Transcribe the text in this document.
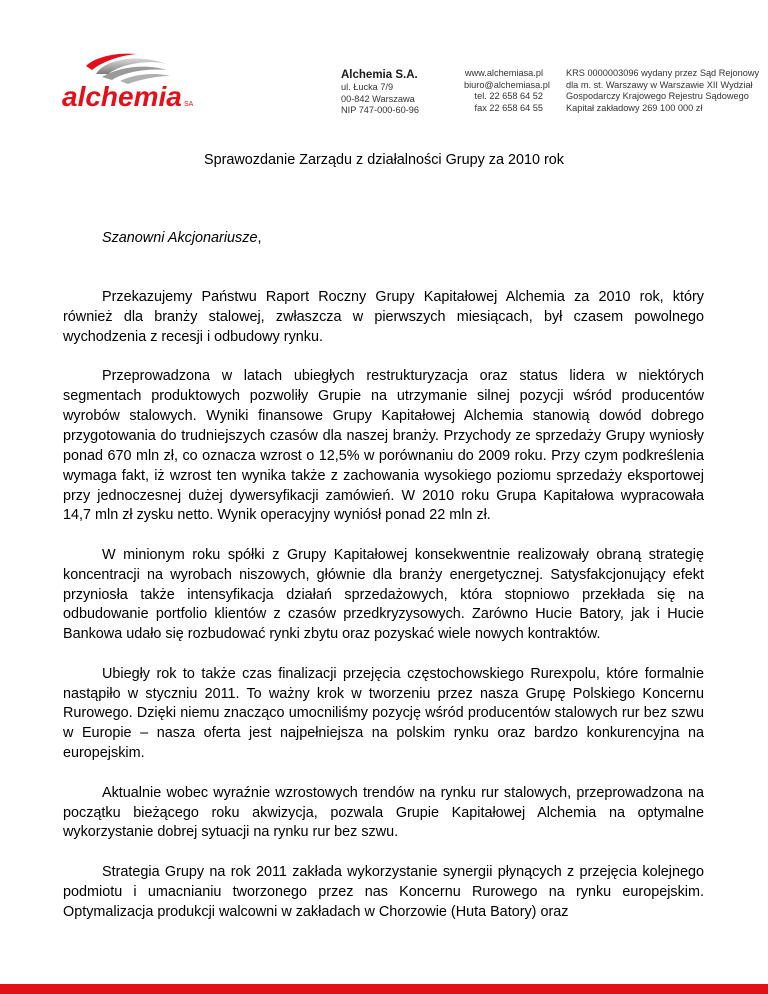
alchemia SA
Alchemia S.A.
ul. Łucka 7/9
00-842 Warszawa
NIP 747-000-60-96
www.alchemiasa.pl
biuro@alchemiasa.pl
tel. 22 658 64 52
fax 22 658 64 55
KRS 0000003096 wydany przez Sąd Rejonowy
dla m. st. Warszawy w Warszawie XII Wydział
Gospodarczy Krajowego Rejestru Sądowego
Kapitał zakładowy 269 100 000 zł
Sprawozdanie Zarządu z działalności Grupy za 2010 rok
Szanowni Akcjonariusze,

Przekazujemy Państwu Raport Roczny Grupy Kapitałowej Alchemia za 2010 rok, który również dla branży stalowej, zwłaszcza w pierwszych miesiącach, był czasem powolnego wychodzenia z recesji i odbudowy rynku.

Przeprowadzona w latach ubiegłych restrukturyzacja oraz status lidera w niektórych segmentach produktowych pozwoliły Grupie na utrzymanie silnej pozycji wśród producentów wyrobów stalowych. Wyniki finansowe Grupy Kapitałowej Alchemia stanowią dowód dobrego przygotowania do trudniejszych czasów dla naszej branży. Przychody ze sprzedaży Grupy wyniosły ponad 670 mln zł, co oznacza wzrost o 12,5% w porównaniu do 2009 roku. Przy czym podkreślenia wymaga fakt, iż wzrost ten wynika także z zachowania wysokiego poziomu sprzedaży eksportowej przy jednoczesnej dużej dywersyfikacji zamówień. W 2010 roku Grupa Kapitałowa wypracowała 14,7 mln zł zysku netto. Wynik operacyjny wyniósł ponad 22 mln zł.

W minionym roku spółki z Grupy Kapitałowej konsekwentnie realizowały obraną strategię koncentracji na wyrobach niszowych, głównie dla branży energetycznej. Satysfakcjonujący efekt przyniosła także intensyfikacja działań sprzedażowych, która stopniowo przekłada się na odbudowanie portfolio klientów z czasów przedkryzysowych. Zarówno Hucie Batory, jak i Hucie Bankowa udało się rozbudować rynki zbytu oraz pozyskać wiele nowych kontraktów.

Ubiegły rok to także czas finalizacji przejęcia częstochowskiego Rurexpolu, które formalnie nastąpiło w styczniu 2011. To ważny krok w tworzeniu przez nasza Grupę Polskiego Koncernu Rurowego. Dzięki niemu znacząco umocniliśmy pozycję wśród producentów stalowych rur bez szwu w Europie – nasza oferta jest najpełniejsza na polskim rynku oraz bardzo konkurencyjna na europejskim.

Aktualnie wobec wyraźnie wzrostowych trendów na rynku rur stalowych, przeprowadzona na początku bieżącego roku akwizycja, pozwala Grupie Kapitałowej Alchemia na optymalne wykorzystanie dobrej sytuacji na rynku rur bez szwu.

Strategia Grupy na rok 2011 zakłada wykorzystanie synergii płynących z przejęcia kolejnego podmiotu i umacnianiu tworzonego przez nas Koncernu Rurowego na rynku europejskim. Optymalizacja produkcji walcowni w zakładach w Chorzowie (Huta Batory) oraz
